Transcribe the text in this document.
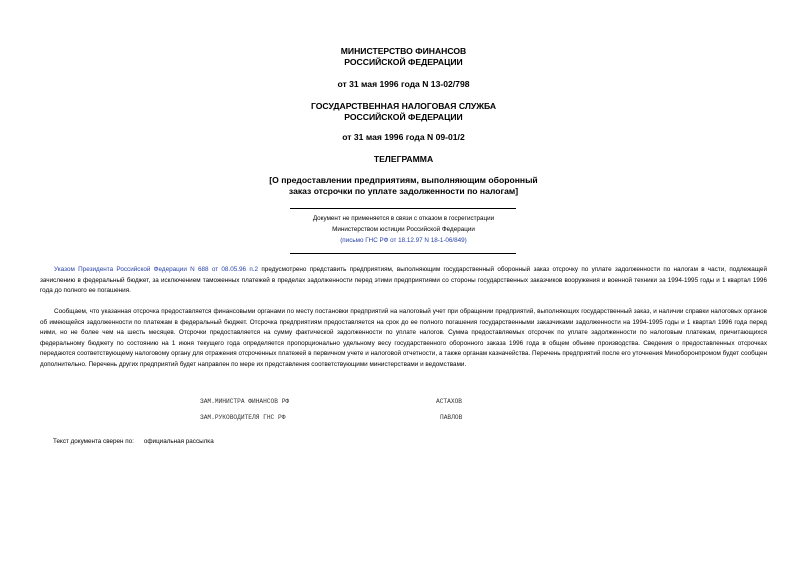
МИНИСТЕРСТВО ФИНАНСОВ
РОССИЙСКОЙ ФЕДЕРАЦИИ
от 31 мая 1996 года N 13-02/798
ГОСУДАРСТВЕННАЯ НАЛОГОВАЯ СЛУЖБА
РОССИЙСКОЙ ФЕДЕРАЦИИ
от 31 мая 1996 года N 09-01/2
ТЕЛЕГРАММА
[О предоставлении предприятиям, выполняющим оборонный
заказ отсрочки по уплате задолженности по налогам]
Документ не применяется в связи с отказом в госрегистрации
Министерством юстиции Российской Федерации
(письмо ГНС РФ от 18.12.97 N 18-1-06/849)
Указом Президента Российской Федерации N 688 от 08.05.96 п.2 предусмотрено представить предприятиям, выполняющим государственный оборонный заказ отсрочку по уплате задолженности по налогам в части, подлежащей зачислению в федеральный бюджет, за исключением таможенных платежей в пределах задолженности перед этими предприятиями со стороны государственных заказчиков вооружения и военной техники за 1994-1995 годы и 1 квартал 1996 года до полного ее погашения.
Сообщаем, что указанная отсрочка предоставляется финансовыми органами по месту постановки предприятий на налоговый учет при обращении предприятий, выполняющих государственный заказ, и наличии справки налоговых органов об имеющейся задолженности по платежам в федеральный бюджет. Отсрочка предприятиям предоставляется на срок до ее полного погашения государственными заказчиками задолженности на 1994-1995 годы и 1 квартал 1996 года перед ними, но не более чем на шесть месяцев. Отсрочки предоставляется на сумму фактической задолженности по уплате налогов. Сумма предоставляемых отсрочек по уплате задолженности по налоговым платежам, причитающихся федеральному бюджету по состоянию на 1 июня текущего года определяется пропорционально удельному весу государственного оборонного заказа 1996 года в общем объеме производства. Сведения о предоставленных отсрочках передаются соответствующему налоговому органу для отражения отсроченных платежей в первичном учете и налоговой отчетности, а также органам казначейства. Перечень предприятий после его уточнения Минобоpонпромом будет сообщен дополнительно. Перечень других предприятий будет направлен по мере их представления соответствующими министерствами и ведомствами.
ЗАМ.МИНИСТРА ФИНАНСОВ РФ	АСТАХОВ
ЗАМ.РУКОВОДИТЕЛЯ ГНС РФ	ПАВЛОВ
Текст документа сверен по: официальная рассылка
